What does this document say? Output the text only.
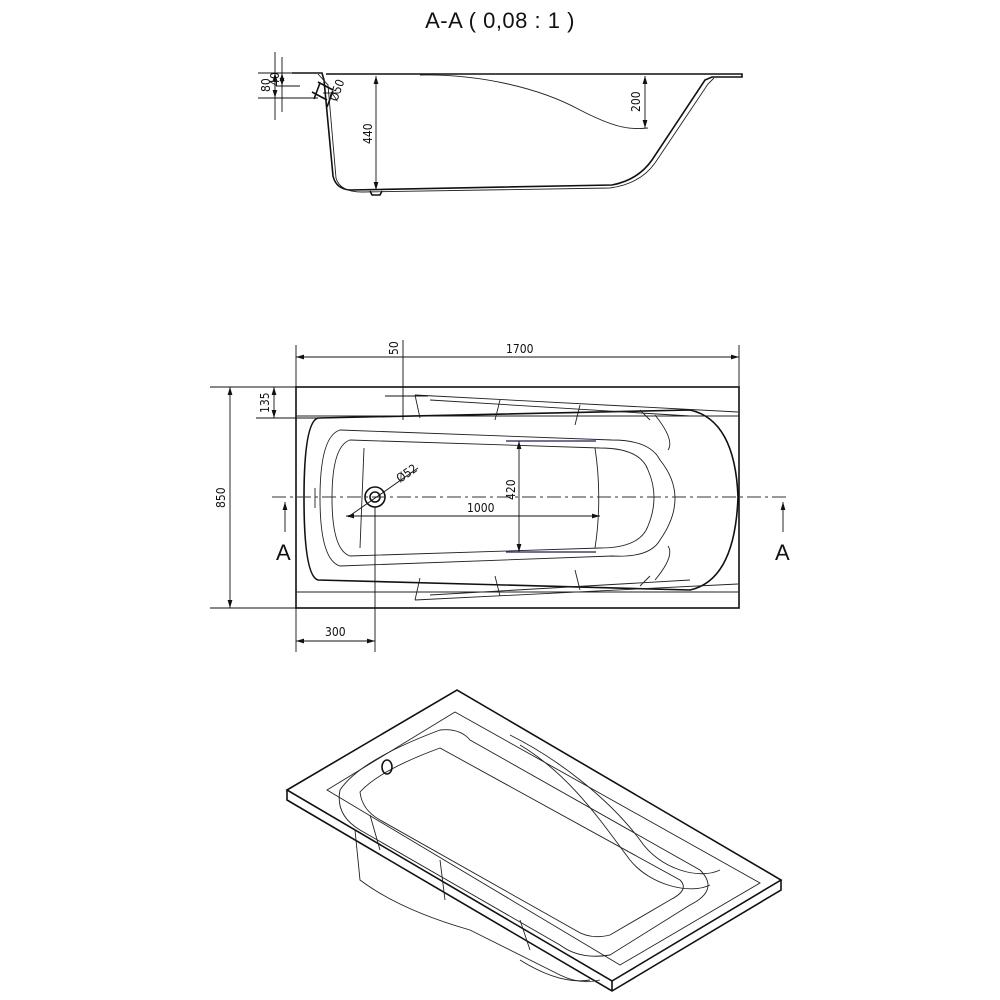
A-A ( 0,08 : 1 )
80
40	Ø50
440
200
1700
50
850
135
Ø52
420
1000
300
A	A
